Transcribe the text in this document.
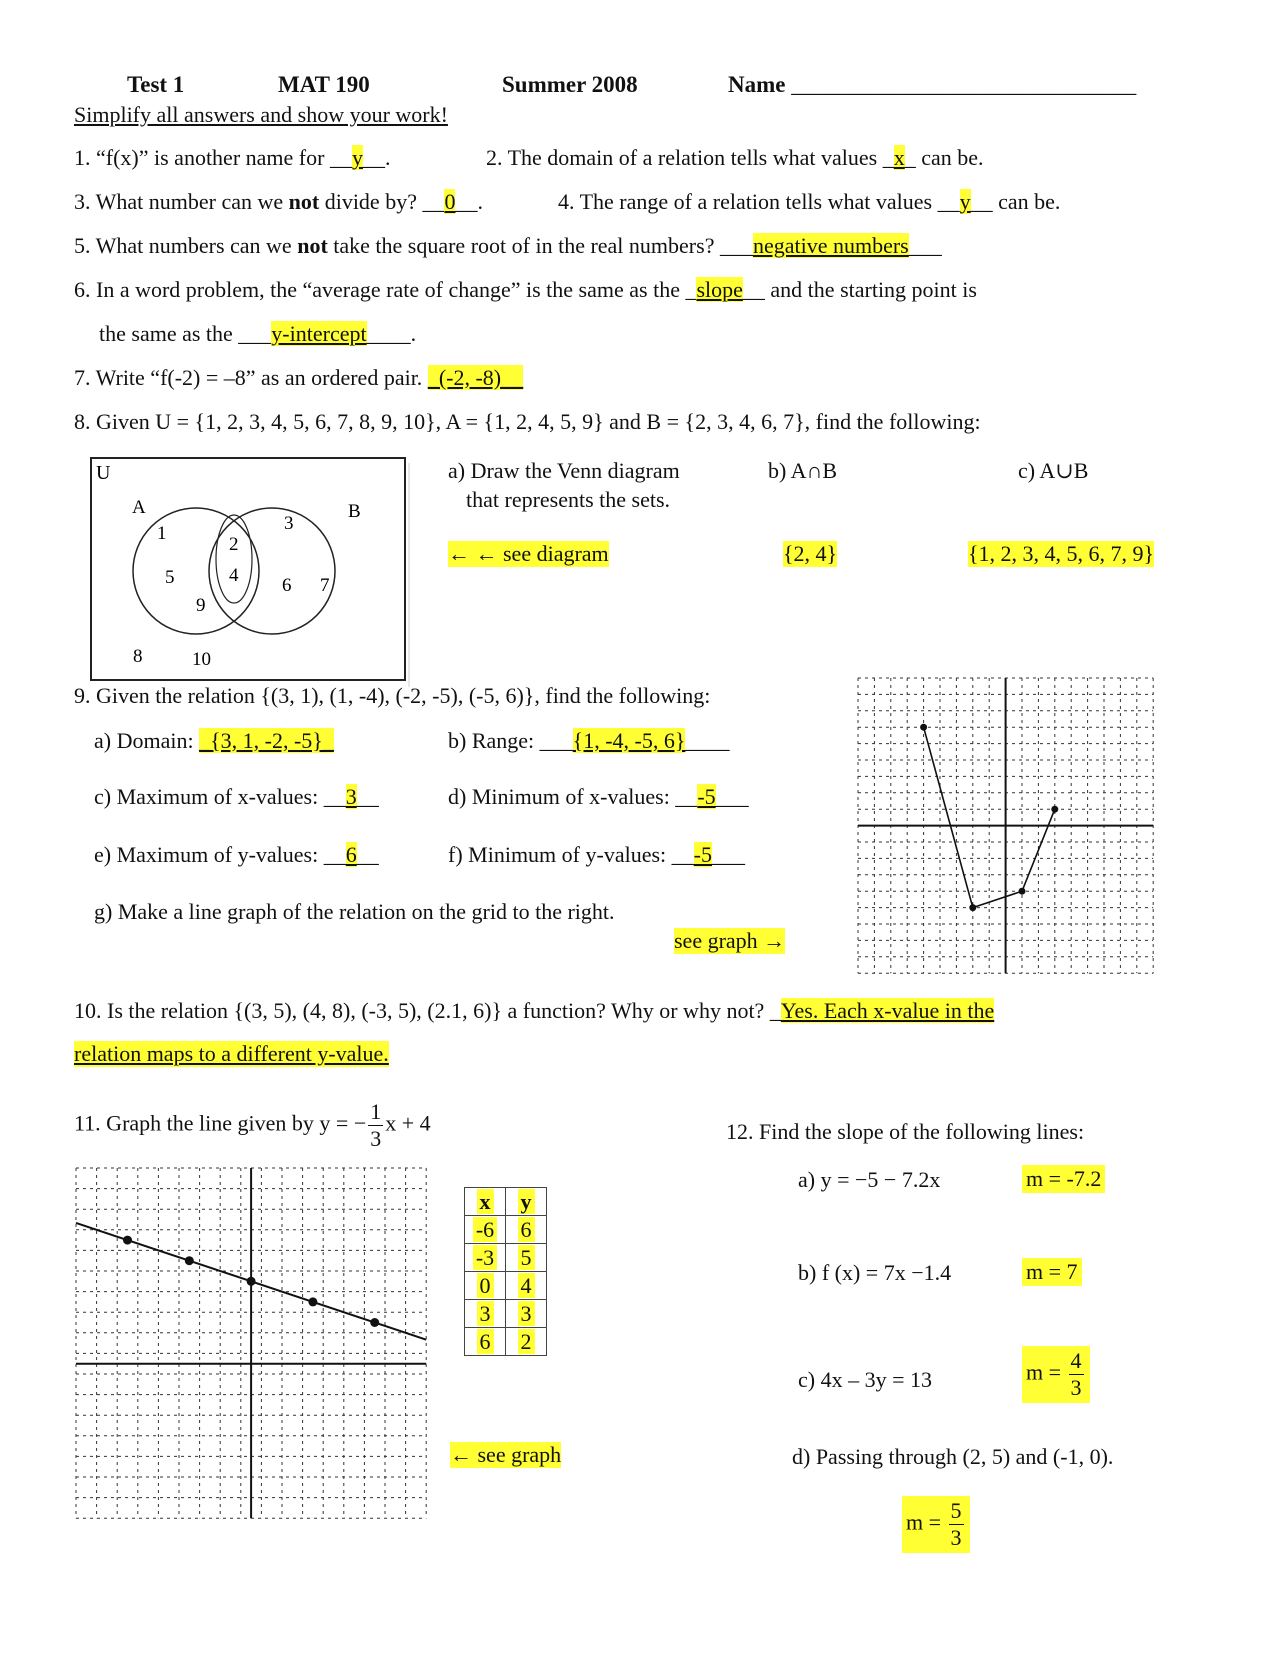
Test 1	MAT 190	Summer 2008	Name ______________________________
Simplify all answers and show your work!
1. “f(x)” is another name for __y__.	2. The domain of a relation tells what values _x_ can be.
3. What number can we not divide by? __0__.	4. The range of a relation tells what values __y__ can be.
5. What numbers can we not take the square root of in the real numbers? ___negative numbers___
6. In a word problem, the “average rate of change” is the same as the _slope__ and the starting point is
the same as the ___y-intercept____.
7. Write “f(-2) = –8” as an ordered pair. _(-2, -8)__
8. Given U = {1, 2, 3, 4, 5, 6, 7, 8, 9, 10}, A = {1, 2, 4, 5, 9} and B = {2, 3, 4, 6, 7}, find the following:
U
A	B
1
5
9
2
4
3
6 7
8	10
a) Draw the Venn diagram
that represents the sets.
b) A∩B	c) A∪B
← ← see diagram	{2, 4}	{1, 2, 3, 4, 5, 6, 7, 9}
9. Given the relation {(3, 1), (1, -4), (-2, -5), (-5, 6)}, find the following:
a) Domain: _{3, 1, -2, -5}_	b) Range: ___{1, -4, -5, 6}____
c) Maximum of x-values: __3__	d) Minimum of x-values: __-5___
e) Maximum of y-values: __6__	f) Minimum of y-values: __-5___
g) Make a line graph of the relation on the grid to the right.
see graph →
10. Is the relation {(3, 5), (4, 8), (-3, 5), (2.1, 6)} a function? Why or why not? _Yes. Each x-value in the
relation maps to a different y-value.
11. Graph the line given by y = − $\frac{1}{3}$ x + 4
x	y
-6	6
-3	5
0	4
3	3
6	2
← see graph
12. Find the slope of the following lines:
a) y = −5 − 7.2x	m = -7.2
b) f (x) = 7x −1.4	m = 7
c) 4x – 3y = 13	$m = \frac{4}{3}$
d) Passing through (2, 5) and (-1, 0).
$m = \frac{5}{3}$
